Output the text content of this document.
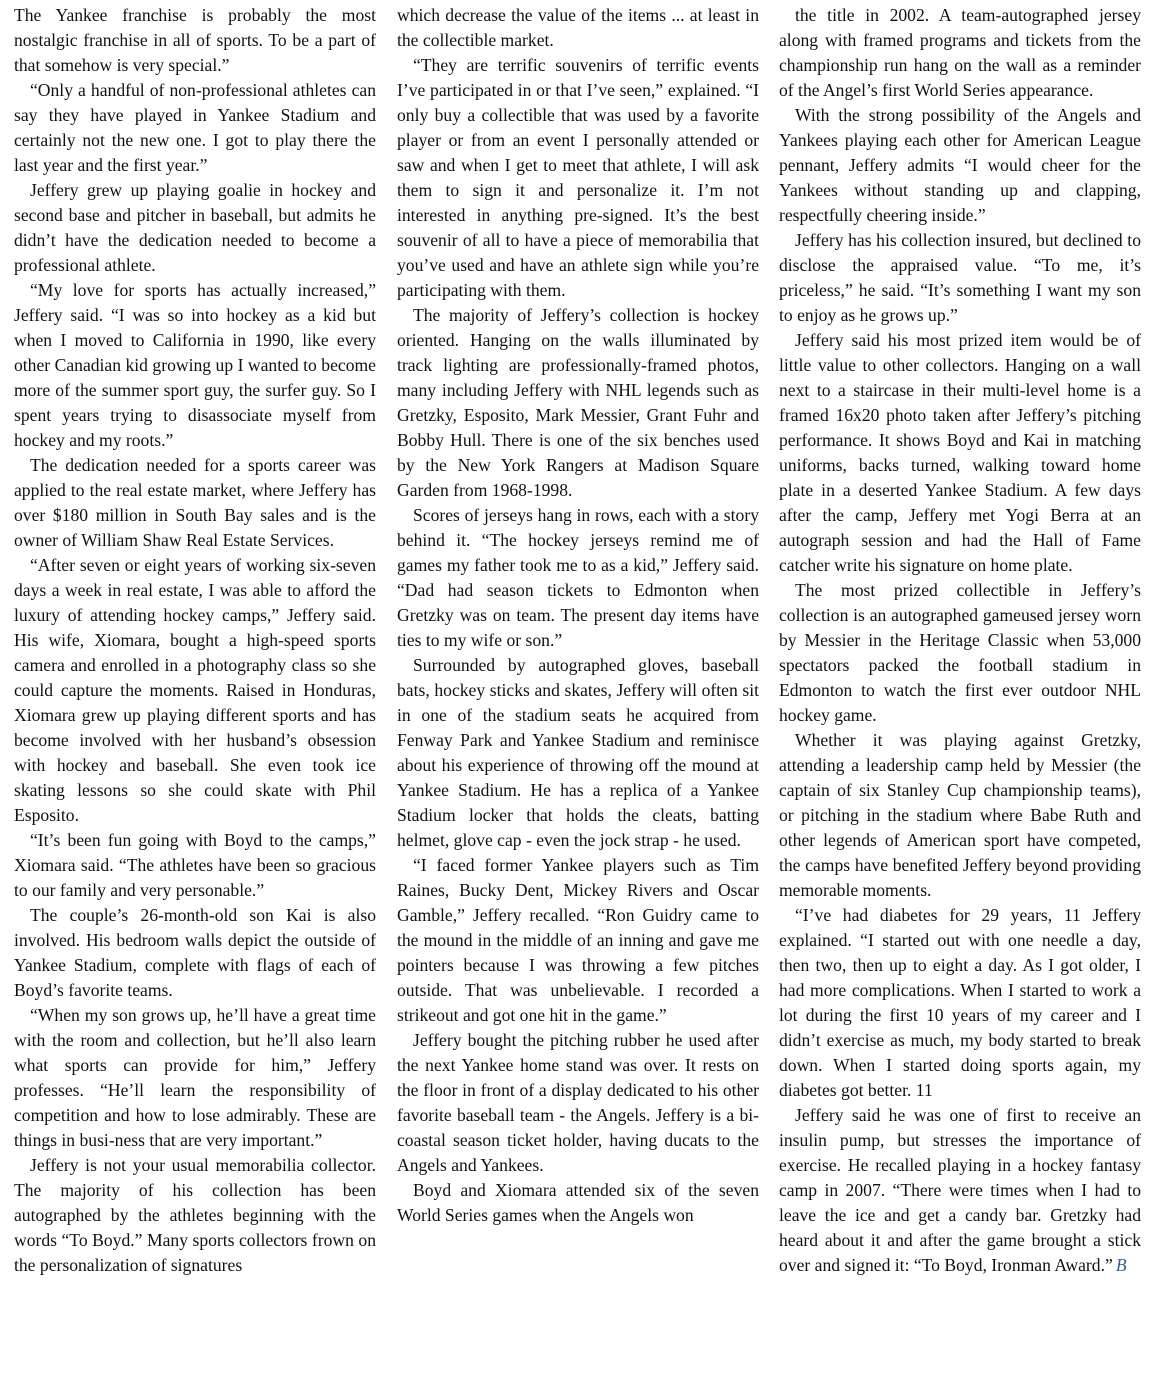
The Yankee franchise is probably the most nostalgic franchise in all of sports. To be a part of that somehow is very special.”

“Only a handful of non-professional athletes can say they have played in Yankee Stadium and certainly not the new one. I got to play there the last year and the first year.”

Jeffery grew up playing goalie in hockey and second base and pitcher in baseball, but admits he didn’t have the dedication needed to become a professional athlete.

“My love for sports has actually increased,” Jeffery said. “I was so into hockey as a kid but when I moved to California in 1990, like every other Canadian kid growing up I wanted to become more of the summer sport guy, the surfer guy. So I spent years trying to disassociate myself from hockey and my roots.”

The dedication needed for a sports career was applied to the real estate market, where Jeffery has over $180 million in South Bay sales and is the owner of William Shaw Real Estate Services.

“After seven or eight years of working six-seven days a week in real estate, I was able to afford the luxury of attending hockey camps,” Jeffery said. His wife, Xiomara, bought a high-speed sports camera and enrolled in a photography class so she could capture the moments. Raised in Honduras, Xiomara grew up playing different sports and has become involved with her husband’s obsession with hockey and baseball. She even took ice skating lessons so she could skate with Phil Esposito.

“It’s been fun going with Boyd to the camps,” Xiomara said. “The athletes have been so gracious to our family and very personable.”

The couple’s 26-month-old son Kai is also involved. His bedroom walls depict the outside of Yankee Stadium, complete with flags of each of Boyd’s favorite teams.

“When my son grows up, he’ll have a great time with the room and collection, but he’ll also learn what sports can provide for him,” Jeffery professes. “He’ll learn the responsibility of competition and how to lose admirably. These are things in busi-ness that are very important.”

Jeffery is not your usual memorabilia collector. The majority of his collection has been autographed by the athletes beginning with the words “To Boyd.” Many sports collectors frown on the personalization of signatures

which decrease the value of the items ... at least in the collectible market.

“They are terrific souvenirs of terrific events I’ve participated in or that I’ve seen,” explained. “I only buy a collectible that was used by a favorite player or from an event I personally attended or saw and when I get to meet that athlete, I will ask them to sign it and personalize it. I’m not interested in anything pre-signed. It’s the best souvenir of all to have a piece of memorabilia that you’ve used and have an athlete sign while you’re participating with them.

The majority of Jeffery’s collection is hockey oriented. Hanging on the walls illuminated by track lighting are professionally-framed photos, many including Jeffery with NHL legends such as Gretzky, Esposito, Mark Messier, Grant Fuhr and Bobby Hull. There is one of the six benches used by the New York Rangers at Madison Square Garden from 1968-1998.

Scores of jerseys hang in rows, each with a story behind it. “The hockey jerseys remind me of games my father took me to as a kid,” Jeffery said. “Dad had season tickets to Edmonton when Gretzky was on team. The present day items have ties to my wife or son.”

Surrounded by autographed gloves, baseball bats, hockey sticks and skates, Jeffery will often sit in one of the stadium seats he acquired from Fenway Park and Yankee Stadium and reminisce about his experience of throwing off the mound at Yankee Stadium. He has a replica of a Yankee Stadium locker that holds the cleats, batting helmet, glove cap - even the jock strap - he used.

“I faced former Yankee players such as Tim Raines, Bucky Dent, Mickey Rivers and Oscar Gamble,” Jeffery recalled. “Ron Guidry came to the mound in the middle of an inning and gave me pointers because I was throwing a few pitches outside. That was unbelievable. I recorded a strikeout and got one hit in the game.”

Jeffery bought the pitching rubber he used after the next Yankee home stand was over. It rests on the floor in front of a display dedicated to his other favorite baseball team - the Angels. Jeffery is a bi-coastal season ticket holder, having ducats to the Angels and Yankees.

Boyd and Xiomara attended six of the seven World Series games when the Angels won

the title in 2002. A team-autographed jersey along with framed programs and tickets from the championship run hang on the wall as a reminder of the Angel’s first World Series appearance.

With the strong possibility of the Angels and Yankees playing each other for American League pennant, Jeffery admits “I would cheer for the Yankees without standing up and clapping, respectfully cheering inside.”

Jeffery has his collection insured, but declined to disclose the appraised value. “To me, it’s priceless,” he said. “It’s something I want my son to enjoy as he grows up.”

Jeffery said his most prized item would be of little value to other collectors. Hanging on a wall next to a staircase in their multi-level home is a framed 16x20 photo taken after Jeffery’s pitching performance. It shows Boyd and Kai in matching uniforms, backs turned, walking toward home plate in a deserted Yankee Stadium. A few days after the camp, Jeffery met Yogi Berra at an autograph session and had the Hall of Fame catcher write his signature on home plate.

The most prized collectible in Jeffery’s collection is an autographed gameused jersey worn by Messier in the Heritage Classic when 53,000 spectators packed the football stadium in Edmonton to watch the first ever outdoor NHL hockey game.

Whether it was playing against Gretzky, attending a leadership camp held by Messier (the captain of six Stanley Cup championship teams), or pitching in the stadium where Babe Ruth and other legends of American sport have competed, the camps have benefited Jeffery beyond providing memorable moments.

“I’ve had diabetes for 29 years, 11 Jeffery explained. “I started out with one needle a day, then two, then up to eight a day. As I got older, I had more complications. When I started to work a lot during the first 10 years of my career and I didn’t exercise as much, my body started to break down. When I started doing sports again, my diabetes got better. 11

Jeffery said he was one of first to receive an insulin pump, but stresses the importance of exercise. He recalled playing in a hockey fantasy camp in 2007. “There were times when I had to leave the ice and get a candy bar. Gretzky had heard about it and after the game brought a stick over and signed it: “To Boyd, Ironman Award.” B
